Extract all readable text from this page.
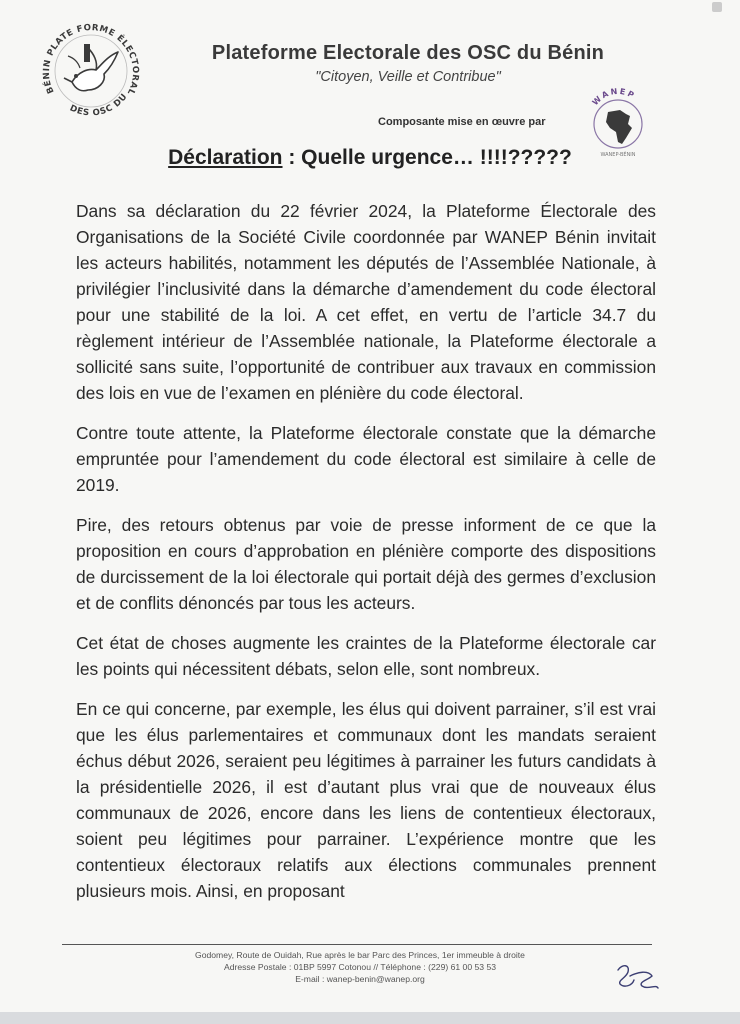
BÉNIN PLATE FORME ÉLECTORAL
DES OSC DU
Plateforme Electorale des OSC du Bénin
"Citoyen, Veille et Contribue"
Composante mise en œuvre par
WANEP
WANEP-BÉNIN
Déclaration : Quelle urgence… !!!!?????

Dans sa déclaration du 22 février 2024, la Plateforme Électorale des Organisations de la Société Civile coordonnée par WANEP Bénin invitait les acteurs habilités, notamment les députés de l’Assemblée Nationale, à privilégier l’inclusivité dans la démarche d’amendement du code électoral pour une stabilité de la loi. A cet effet, en vertu de l’article 34.7 du règlement intérieur de l’Assemblée nationale, la Plateforme électorale a sollicité sans suite, l’opportunité de contribuer aux travaux en commission des lois en vue de l’examen en plénière du code électoral.

Contre toute attente, la Plateforme électorale constate que la démarche empruntée pour l’amendement du code électoral est similaire à celle de 2019.

Pire, des retours obtenus par voie de presse informent de ce que la proposition en cours d’approbation en plénière comporte des dispositions de durcissement de la loi électorale qui portait déjà des germes d’exclusion et de conflits dénoncés par tous les acteurs.

Cet état de choses augmente les craintes de la Plateforme électorale car les points qui nécessitent débats, selon elle, sont nombreux.

En ce qui concerne, par exemple, les élus qui doivent parrainer, s’il est vrai que les élus parlementaires et communaux dont les mandats seraient échus début 2026, seraient peu légitimes à parrainer les futurs candidats à la présidentielle 2026, il est d’autant plus vrai que de nouveaux élus communaux de 2026, encore dans les liens de contentieux électoraux, soient peu légitimes pour parrainer. L’expérience montre que les contentieux électoraux relatifs aux élections communales prennent plusieurs mois. Ainsi, en proposant

Godomey, Route de Ouidah, Rue après le bar Parc des Princes, 1er immeuble à droite
Adresse Postale : 01BP 5997 Cotonou // Téléphone : (229) 61 00 53 53
E-mail : wanep-benin@wanep.org
